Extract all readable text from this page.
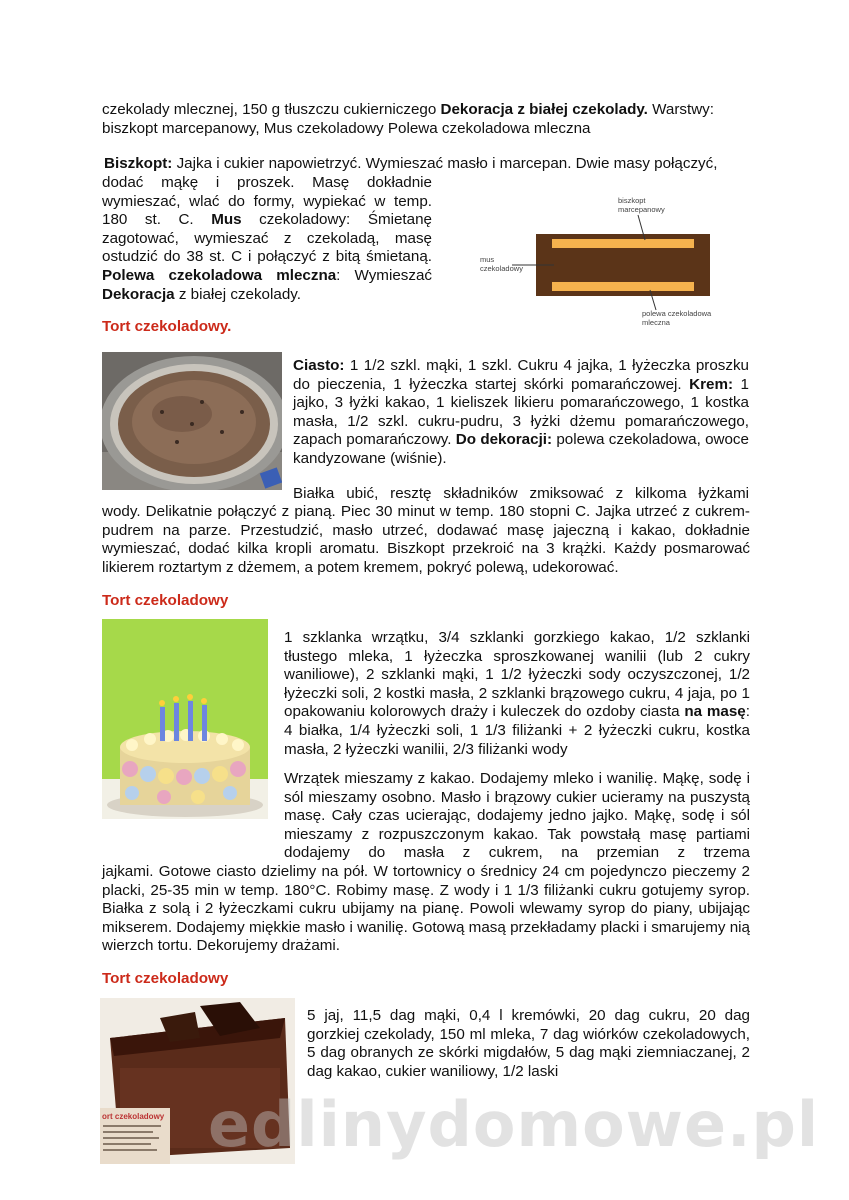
czekolady mlecznej, 150 g tłuszczu cukierniczego Dekoracja z białej czekolady. Warstwy:
biszkopt marcepanowy, Mus czekoladowy Polewa czekoladowa mleczna

Biszkopt: Jajka i cukier napowietrzyć. Wymieszać masło i marcepan. Dwie masy połączyć,

dodać mąkę i proszek. Masę dokładnie wymieszać, wlać do formy, wypiekać w temp. 180 st. C. Mus czekoladowy: Śmietanę zagotować, wymieszać z czekoladą, masę ostudzić do 38 st. C i połączyć z bitą śmietaną. Polewa czekoladowa mleczna: Wymieszać Dekoracja z białej czekolady.

biszkopt
marcepanowy
mus
czekoladowy
polewa czekoladowa
mleczna
Tort czekoladowy.

Ciasto: 1 1/2 szkl. mąki, 1 szkl. Cukru 4 jajka, 1 łyżeczka proszku do pieczenia, 1 łyżeczka startej skórki pomarańczowej. Krem: 1 jajko, 3 łyżki kakao, 1 kieliszek likieru pomarańczowego, 1 kostka masła, 1/2 szkl. cukru-pudru, 3 łyżki dżemu pomarańczowego, zapach pomarańczowy. Do dekoracji: polewa czekoladowa, owoce kandyzowane (wiśnie).

Białka ubić, resztę składników zmiksować z kilkoma łyżkami

wody. Delikatnie połączyć z pianą. Piec 30 minut w temp. 180 stopni C. Jajka utrzeć z cukrem-pudrem na parze. Przestudzić, masło utrzeć, dodawać masę jajeczną i kakao, dokładnie wymieszać, dodać kilka kropli aromatu. Biszkopt przekroić na 3 krążki. Każdy posmarować likierem roztartym z dżemem, a potem kremem, pokryć polewą, udekorować.

Tort czekoladowy

1 szklanka wrzątku, 3/4 szklanki gorzkiego kakao, 1/2 szklanki tłustego mleka, 1 łyżeczka sproszkowanej wanilii (lub 2 cukry waniliowe), 2 szklanki mąki, 1 1/2 łyżeczki sody oczyszczonej, 1/2 łyżeczki soli, 2 kostki masła, 2 szklanki brązowego cukru, 4 jaja, po 1 opakowaniu kolorowych draży i kuleczek do ozdoby ciasta na masę: 4 białka, 1/4 łyżeczki soli, 1 1/3 filiżanki + 2 łyżeczki cukru, kostka masła, 2 łyżeczki wanilii, 2/3 filiżanki wody

Wrzątek mieszamy z kakao. Dodajemy mleko i wanilię. Mąkę, sodę i sól mieszamy osobno. Masło i brązowy cukier ucieramy na puszystą masę. Cały czas ucierając, dodajemy jedno jajko. Mąkę, sodę i sól mieszamy z rozpuszczonym kakao. Tak powstałą masę partiami dodajemy do masła z cukrem, na przemian z trzema

jajkami. Gotowe ciasto dzielimy na pół. W tortownicy o średnicy 24 cm pojedynczo pieczemy 2 placki, 25-35 min w temp. 180°C. Robimy masę. Z wody i 1 1/3 filiżanki cukru gotujemy syrop. Białka z solą i 2 łyżeczkami cukru ubijamy na pianę. Powoli wlewamy syrop do piany, ubijając mikserem. Dodajemy miękkie masło i wanilię. Gotową masą przekładamy placki i smarujemy nią wierzch tortu. Dekorujemy drażami.

Tort czekoladowy
ort czekoladowy

5 jaj, 11,5 dag mąki, 0,4 l kremówki, 20 dag cukru, 20 dag gorzkiej czekolady, 150 ml mleka, 7 dag wiórków czekoladowych, 5 dag obranych ze skórki migdałów, 5 dag mąki ziemniaczanej, 2 dag kakao, cukier waniliowy, 1/2 laski

edlinydomowe.pl
